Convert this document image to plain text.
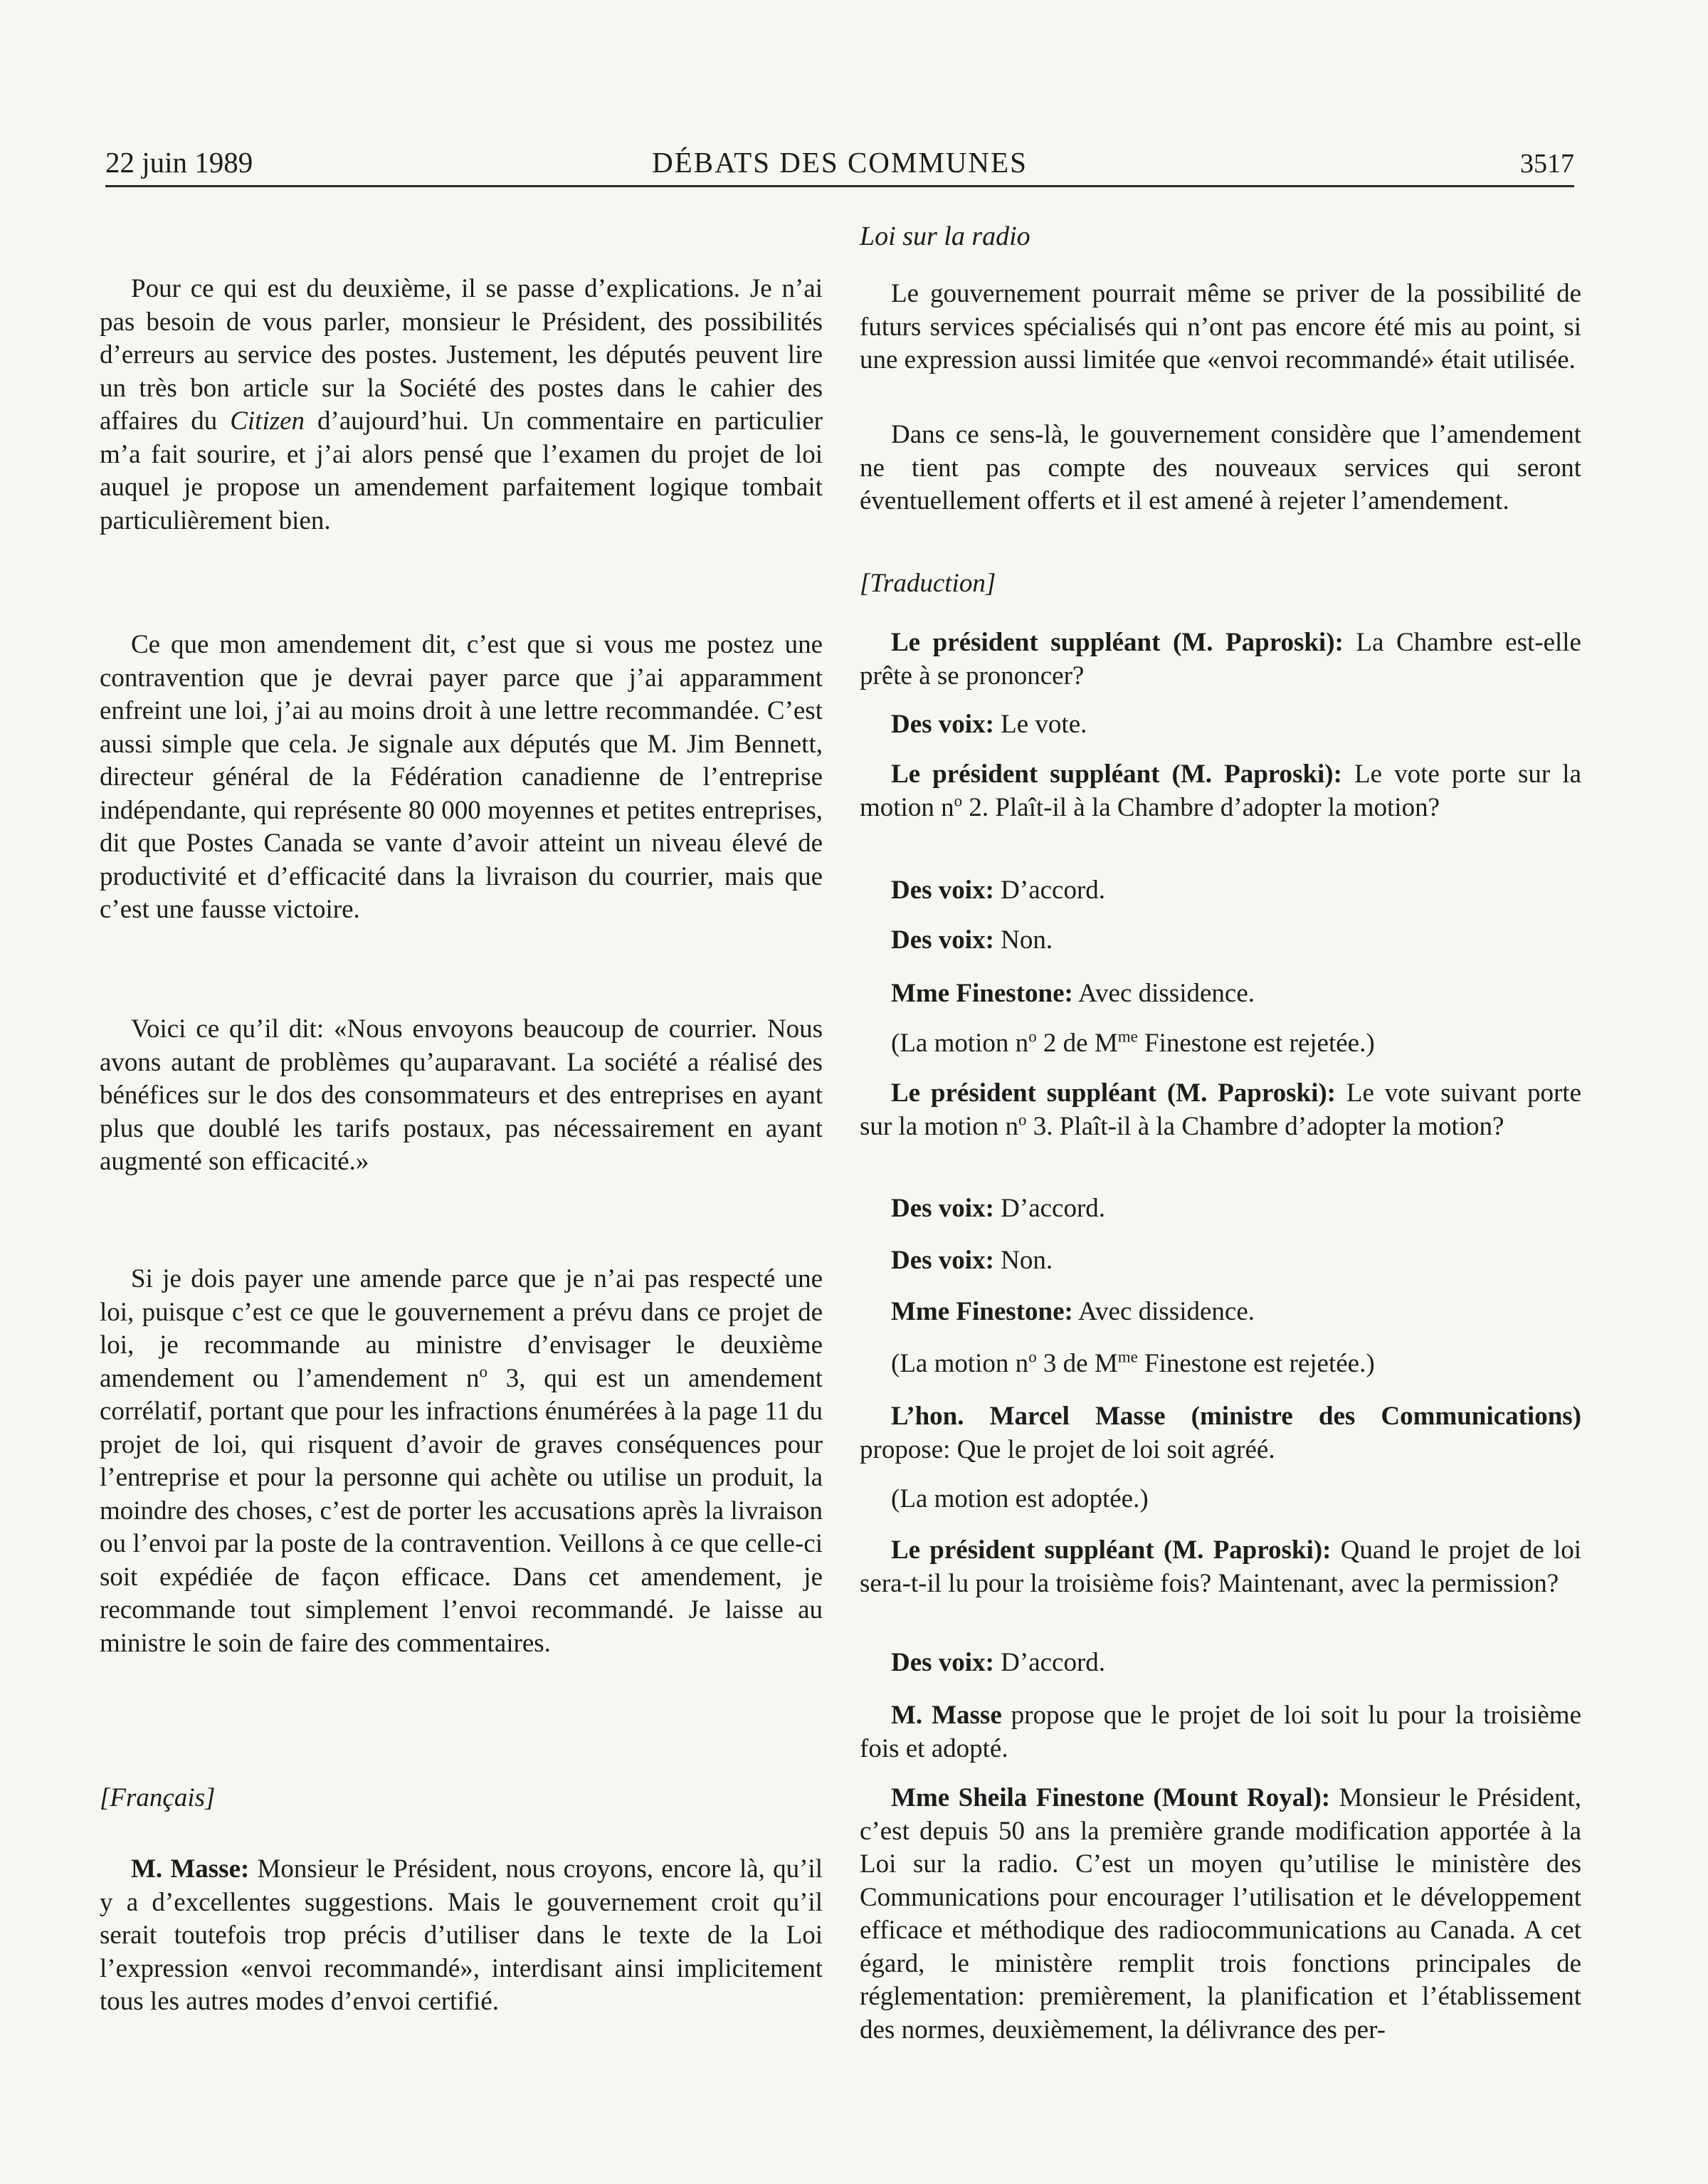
22 juin 1989	DÉBATS DES COMMUNES	3517

Pour ce qui est du deuxième, il se passe d’explications. Je n’ai pas besoin de vous parler, monsieur le Président, des possibilités d’erreurs au service des postes. Justement, les députés peuvent lire un très bon article sur la Société des postes dans le cahier des affaires du Citizen d’aujourd’hui. Un commentaire en particulier m’a fait sourire, et j’ai alors pensé que l’examen du projet de loi auquel je propose un amendement parfaitement logique tombait particulièrement bien.

Ce que mon amendement dit, c’est que si vous me postez une contravention que je devrai payer parce que j’ai apparamment enfreint une loi, j’ai au moins droit à une lettre recommandée. C’est aussi simple que cela. Je signale aux députés que M. Jim Bennett, directeur général de la Fédération canadienne de l’entreprise indépendante, qui représente 80 000 moyennes et petites entreprises, dit que Postes Canada se vante d’avoir atteint un niveau élevé de productivité et d’efficacité dans la livraison du courrier, mais que c’est une fausse victoire.

Voici ce qu’il dit: «Nous envoyons beaucoup de courrier. Nous avons autant de problèmes qu’auparavant. La société a réalisé des bénéfices sur le dos des consommateurs et des entreprises en ayant plus que doublé les tarifs postaux, pas nécessairement en ayant augmenté son efficacité.»

Si je dois payer une amende parce que je n’ai pas respecté une loi, puisque c’est ce que le gouvernement a prévu dans ce projet de loi, je recommande au ministre d’envisager le deuxième amendement ou l’amendement $n^o$ 3, qui est un amendement corrélatif, portant que pour les infractions énumérées à la page 11 du projet de loi, qui risquent d’avoir de graves conséquences pour l’entreprise et pour la personne qui achète ou utilise un produit, la moindre des choses, c’est de porter les accusations après la livraison ou l’envoi par la poste de la contravention. Veillons à ce que celle-ci soit expédiée de façon efficace. Dans cet amendement, je recommande tout simplement l’envoi recommandé. Je laisse au ministre le soin de faire des commentaires.

[Français]

M. Masse: Monsieur le Président, nous croyons, encore là, qu’il y a d’excellentes suggestions. Mais le gouvernement croit qu’il serait toutefois trop précis d’utiliser dans le texte de la Loi l’expression «envoi recommandé», interdisant ainsi implicitement tous les autres modes d’envoi certifié.

Loi sur la radio

Le gouvernement pourrait même se priver de la possibilité de futurs services spécialisés qui n’ont pas encore été mis au point, si une expression aussi limitée que «envoi recommandé» était utilisée.

Dans ce sens-là, le gouvernement considère que l’amendement ne tient pas compte des nouveaux services qui seront éventuellement offerts et il est amené à rejeter l’amendement.

[Traduction]

Le président suppléant (M. Paproski): La Chambre est-elle prête à se prononcer?

Des voix: Le vote.

Le président suppléant (M. Paproski): Le vote porte sur la motion $n^o$ 2. Plaît-il à la Chambre d’adopter la motion?

Des voix: D’accord.

Des voix: Non.

Mme Finestone: Avec dissidence.

(La motion $n^o$ 2 de $M^{me}$ Finestone est rejetée.)

Le président suppléant (M. Paproski): Le vote suivant porte sur la motion $n^o$ 3. Plaît-il à la Chambre d’adopter la motion?

Des voix: D’accord.

Des voix: Non.

Mme Finestone: Avec dissidence.

(La motion $n^o$ 3 de $M^{me}$ Finestone est rejetée.)

L’hon. Marcel Masse (ministre des Communications) propose: Que le projet de loi soit agréé.

(La motion est adoptée.)

Le président suppléant (M. Paproski): Quand le projet de loi sera-t-il lu pour la troisième fois? Maintenant, avec la permission?

Des voix: D’accord.

M. Masse propose que le projet de loi soit lu pour la troisième fois et adopté.

Mme Sheila Finestone (Mount Royal): Monsieur le Président, c’est depuis 50 ans la première grande modification apportée à la Loi sur la radio. C’est un moyen qu’utilise le ministère des Communications pour encourager l’utilisation et le développement efficace et méthodique des radiocommunications au Canada. A cet égard, le ministère remplit trois fonctions principales de réglementation: premièrement, la planification et l’établissement des normes, deuxièmement, la délivrance des per-
